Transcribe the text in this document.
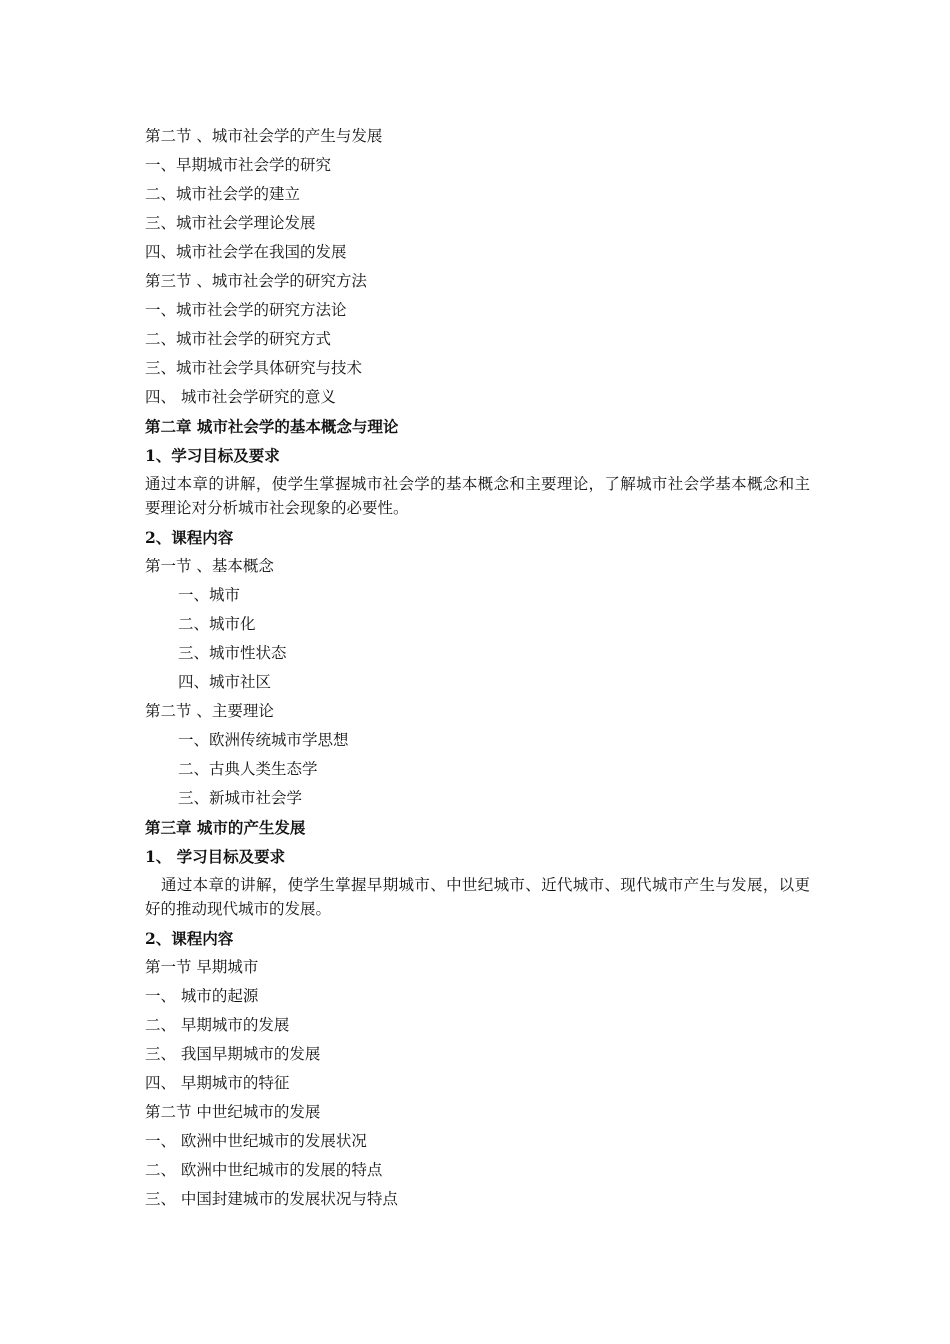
第二节 、城市社会学的产生与发展
一、早期城市社会学的研究
二、城市社会学的建立
三、城市社会学理论发展
四、城市社会学在我国的发展
第三节 、城市社会学的研究方法
一、城市社会学的研究方法论
二、城市社会学的研究方式
三、城市社会学具体研究与技术
四、 城市社会学研究的意义
第二章 城市社会学的基本概念与理论
1、学习目标及要求
通过本章的讲解，使学生掌握城市社会学的基本概念和主要理论，了解城市社会学基本概念和主要理论对分析城市社会现象的必要性。
2、课程内容
第一节 、基本概念
一、城市
二、城市化
三、城市性状态
四、城市社区
第二节 、主要理论
一、欧洲传统城市学思想
二、古典人类生态学
三、新城市社会学
第三章 城市的产生发展
1、 学习目标及要求
通过本章的讲解，使学生掌握早期城市、中世纪城市、近代城市、现代城市产生与发展，以更好的推动现代城市的发展。
2、课程内容
第一节 早期城市
一、 城市的起源
二、 早期城市的发展
三、 我国早期城市的发展
四、 早期城市的特征
第二节 中世纪城市的发展
一、 欧洲中世纪城市的发展状况
二、 欧洲中世纪城市的发展的特点
三、 中国封建城市的发展状况与特点
